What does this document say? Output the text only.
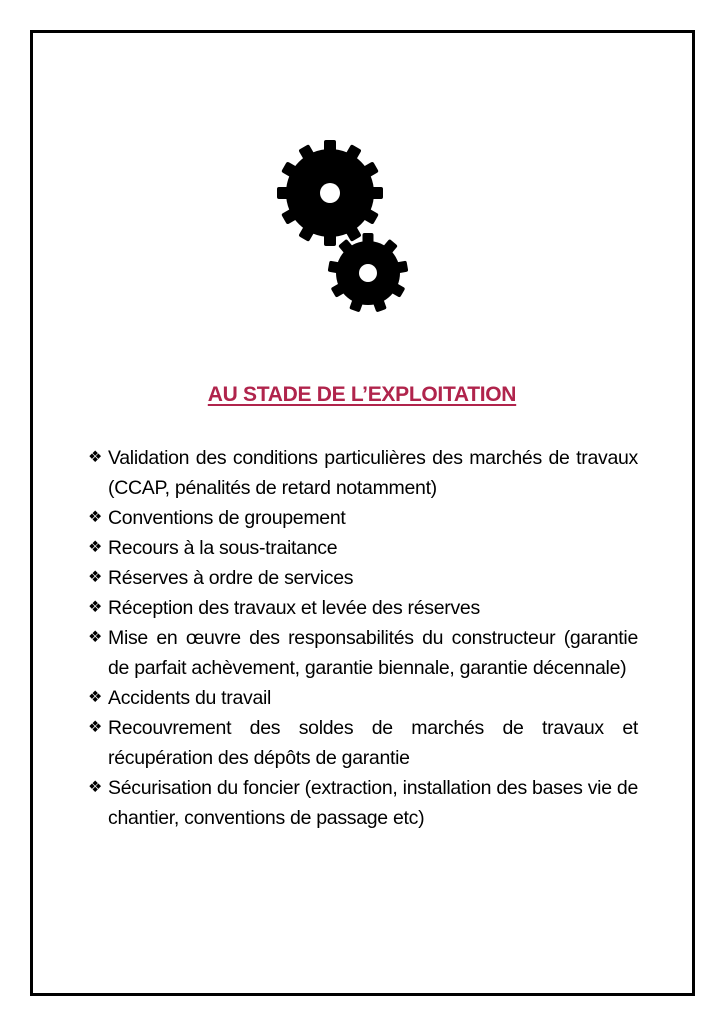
AU STADE DE L’EXPLOITATION
❖ Validation des conditions particulières des marchés de travaux (CCAP, pénalités de retard notamment)
❖ Conventions de groupement
❖ Recours à la sous-traitance
❖ Réserves à ordre de services
❖ Réception des travaux et levée des réserves
❖ Mise en œuvre des responsabilités du constructeur (garantie de parfait achèvement, garantie biennale, garantie décennale)
❖ Accidents du travail
❖ Recouvrement des soldes de marchés de travaux et récupération des dépôts de garantie
❖ Sécurisation du foncier (extraction, installation des bases vie de chantier, conventions de passage etc)
